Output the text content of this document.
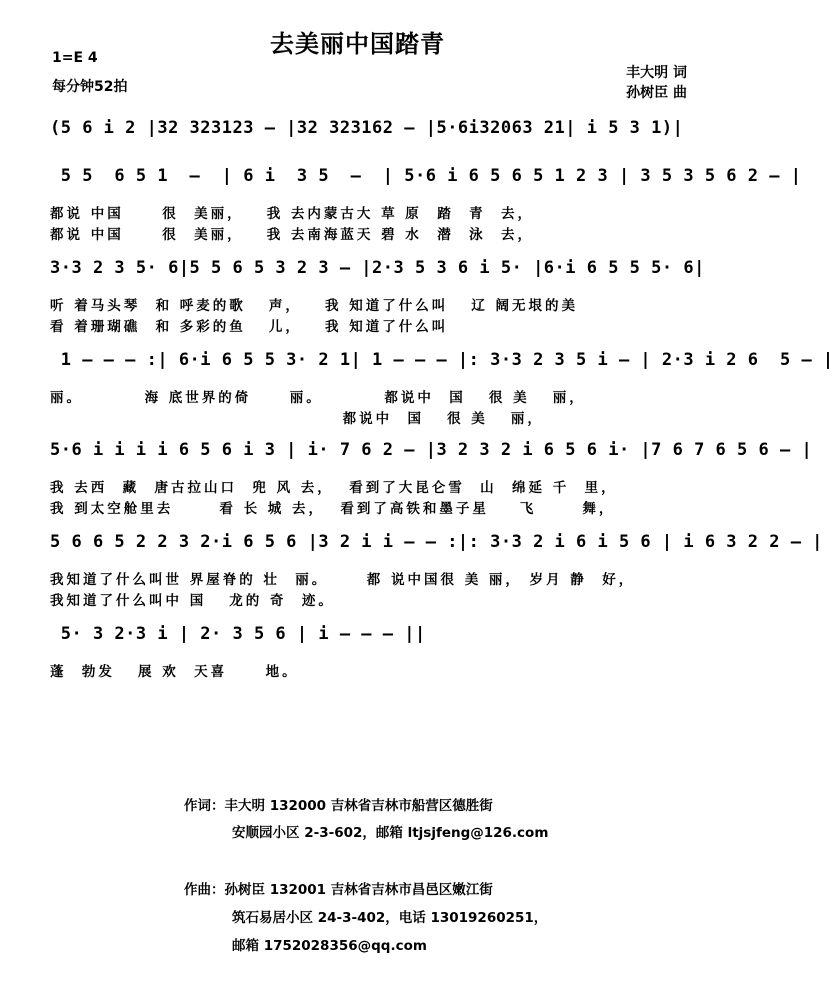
去美丽中国踏青
1=E 4
每分钟52拍
丰大明 词
孙树臣 曲

(5 6 i 2 |32 323123 – |32 323162 – |5·6i32063 21| i 5 3 1)|

5 5  6 5 1  –  | 6 i  3 5  –  | 5·6 i 6 5 6 5 1 2 3 | 3 5 3 5 6 2 – |

都说 中国     很  美丽，   我 去内蒙古大 草 原  踏  青  去，

都说 中国     很  美丽，   我 去南海蓝天 碧 水  潜  泳  去，

3·3 2 3 5· 6|5 5 6 5 3 2 3 – |2·3 5 3 6 i 5· |6·i 6 5 5 5· 6|

听 着马头琴  和 呼麦的歌   声，   我 知道了什么叫   辽 阔无垠的美

看 着珊瑚礁  和 多彩的鱼   儿，   我 知道了什么叫

1 – – – :| 6·i 6 5 5 3· 2 1| 1 – – – |: 3·3 2 3 5 i – | 2·3 i 2 6  5 – |

丽。        海 底世界的倚     丽。        都说中  国   很 美   丽，

都说中  国   很 美   丽，

5·6 i i i i 6 5 6 i 3 | i· 7 6 2 – |3 2 3 2 i 6 5 6 i· |7 6 7 6 5 6 – |

我 去西  藏  唐古拉山口  兜 风 去，  看到了大昆仑雪  山  绵延 千  里，

我 到太空舱里去      看 长 城 去，  看到了高铁和墨子星    飞      舞，

5 6 6 5 2 2 3 2·i 6 5 6 |3 2 i i – – :|: 3·3 2 i 6 i 5 6 | i 6 3 2 2 – |

我知道了什么叫世 界屋脊的 壮  丽。     都 说中国很 美 丽， 岁月 静  好，

我知道了什么叫中 国   龙的 奇  迹。

5· 3 2·3 i | 2· 3 5 6 | i – – – ||

蓬  勃发   展 欢  天喜     地。

作词：丰大明 132000 吉林省吉林市船营区德胜街
安顺园小区 2-3-602，邮箱 ltjsjfeng@126.com
作曲：孙树臣 132001 吉林省吉林市昌邑区嫩江街
筑石易居小区 24-3-402，电话 13019260251，
邮箱 1752028356@qq.com
